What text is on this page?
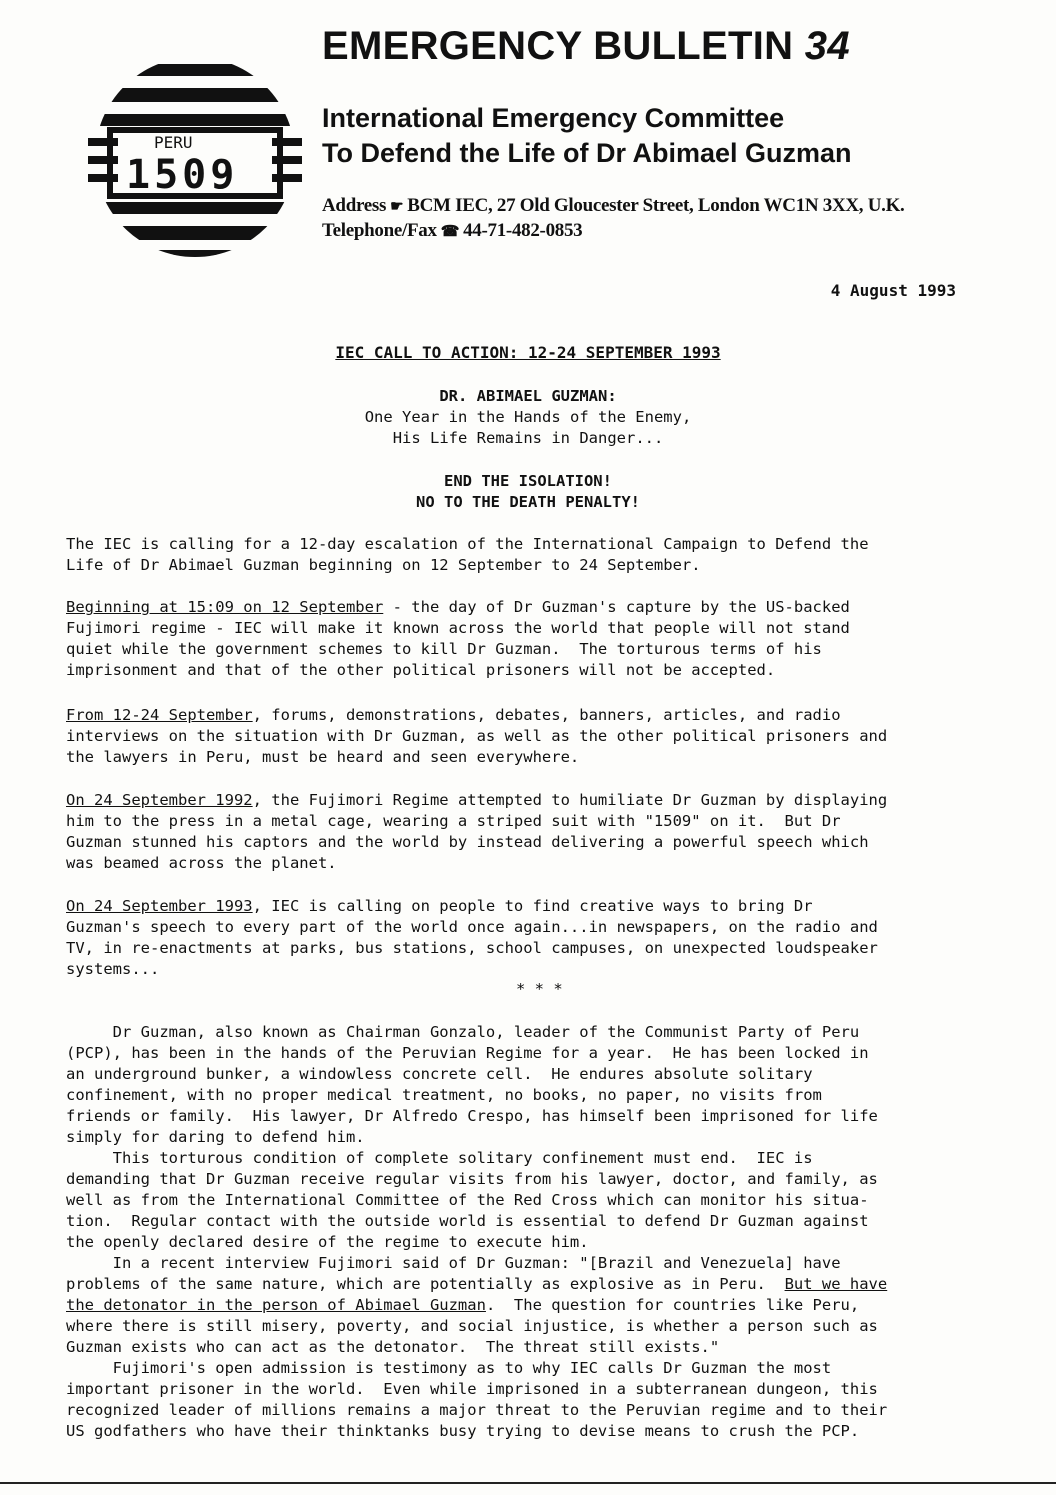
PERU
1509
EMERGENCY BULLETIN 34
International Emergency Committee
To Defend the Life of Dr Abimael Guzman
Address ☛ BCM IEC, 27 Old Gloucester Street, London WC1N 3XX, U.K.
Telephone/Fax ☎ 44-71-482-0853
4 August 1993
IEC CALL TO ACTION: 12-24 SEPTEMBER 1993
DR. ABIMAEL GUZMAN:
One Year in the Hands of the Enemy,
His Life Remains in Danger...
END THE ISOLATION!
NO TO THE DEATH PENALTY!

The IEC is calling for a 12-day escalation of the International Campaign to Defend the
Life of Dr Abimael Guzman beginning on 12 September to 24 September.

Beginning at 15:09 on 12 September - the day of Dr Guzman's capture by the US-backed
Fujimori regime - IEC will make it known across the world that people will not stand
quiet while the government schemes to kill Dr Guzman.  The torturous terms of his
imprisonment and that of the other political prisoners will not be accepted.

From 12-24 September, forums, demonstrations, debates, banners, articles, and radio
interviews on the situation with Dr Guzman, as well as the other political prisoners and
the lawyers in Peru, must be heard and seen everywhere.

On 24 September 1992, the Fujimori Regime attempted to humiliate Dr Guzman by displaying
him to the press in a metal cage, wearing a striped suit with "1509" on it.  But Dr
Guzman stunned his captors and the world by instead delivering a powerful speech which
was beamed across the planet.

On 24 September 1993, IEC is calling on people to find creative ways to bring Dr
Guzman's speech to every part of the world once again...in newspapers, on the radio and
TV, in re-enactments at parks, bus stations, school campuses, on unexpected loudspeaker
systems...

* * *

Dr Guzman, also known as Chairman Gonzalo, leader of the Communist Party of Peru
(PCP), has been in the hands of the Peruvian Regime for a year.  He has been locked in
an underground bunker, a windowless concrete cell.  He endures absolute solitary
confinement, with no proper medical treatment, no books, no paper, no visits from
friends or family.  His lawyer, Dr Alfredo Crespo, has himself been imprisoned for life
simply for daring to defend him.
This torturous condition of complete solitary confinement must end.  IEC is
demanding that Dr Guzman receive regular visits from his lawyer, doctor, and family, as
well as from the International Committee of the Red Cross which can monitor his situa-
tion.  Regular contact with the outside world is essential to defend Dr Guzman against
the openly declared desire of the regime to execute him.
In a recent interview Fujimori said of Dr Guzman: "[Brazil and Venezuela] have
problems of the same nature, which are potentially as explosive as in Peru.  But we have
the detonator in the person of Abimael Guzman.  The question for countries like Peru,
where there is still misery, poverty, and social injustice, is whether a person such as
Guzman exists who can act as the detonator.  The threat still exists."
Fujimori's open admission is testimony as to why IEC calls Dr Guzman the most
important prisoner in the world.  Even while imprisoned in a subterranean dungeon, this
recognized leader of millions remains a major threat to the Peruvian regime and to their
US godfathers who have their thinktanks busy trying to devise means to crush the PCP.
